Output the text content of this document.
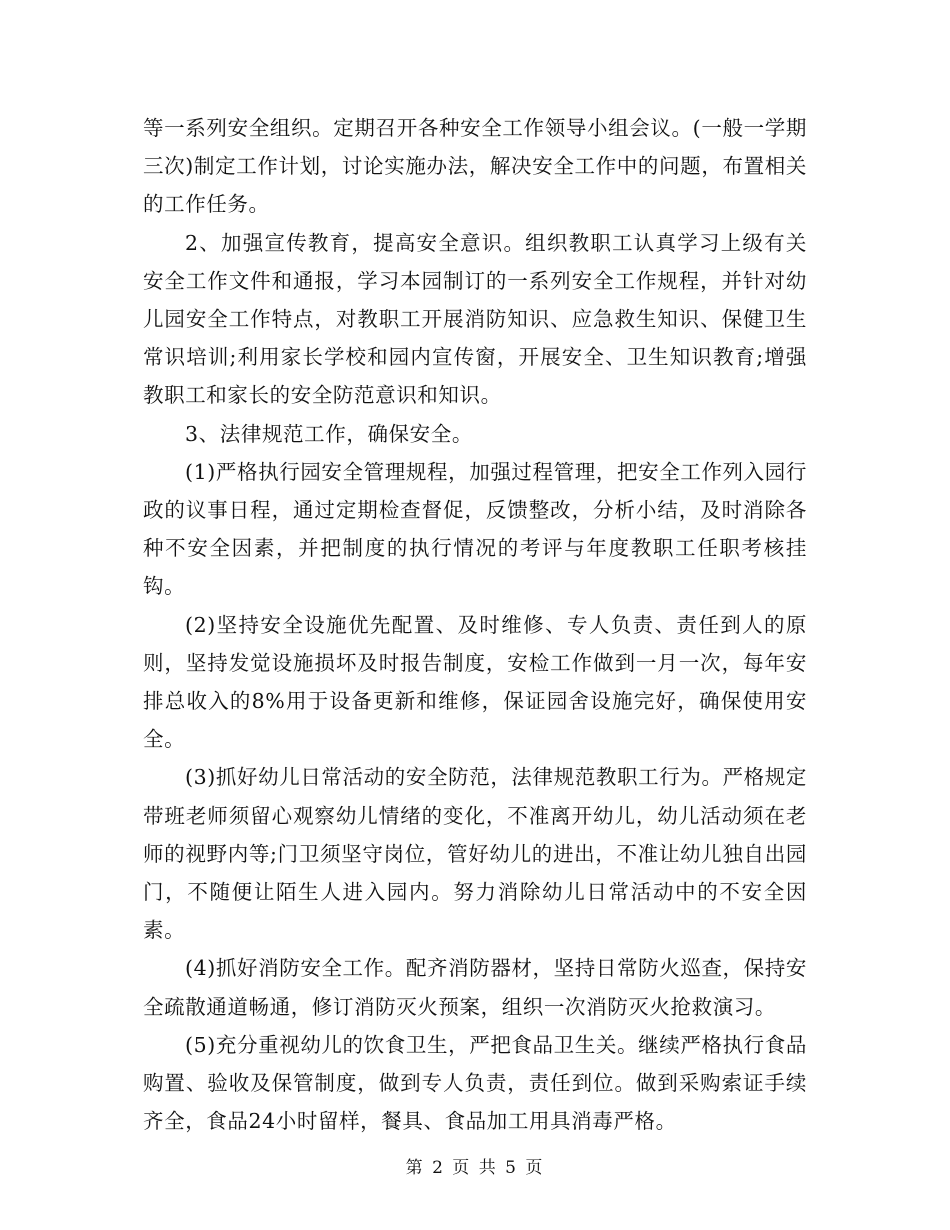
等一系列安全组织。定期召开各种安全工作领导小组会议。(一般一学期三次)制定工作计划，讨论实施办法，解决安全工作中的问题，布置相关的工作任务。

2、加强宣传教育，提高安全意识。组织教职工认真学习上级有关安全工作文件和通报，学习本园制订的一系列安全工作规程，并针对幼儿园安全工作特点，对教职工开展消防知识、应急救生知识、保健卫生常识培训;利用家长学校和园内宣传窗，开展安全、卫生知识教育;增强教职工和家长的安全防范意识和知识。

3、法律规范工作，确保安全。

(1)严格执行园安全管理规程，加强过程管理，把安全工作列入园行政的议事日程，通过定期检查督促，反馈整改，分析小结，及时消除各种不安全因素，并把制度的执行情况的考评与年度教职工任职考核挂钩。

(2)坚持安全设施优先配置、及时维修、专人负责、责任到人的原则，坚持发觉设施损坏及时报告制度，安检工作做到一月一次，每年安排总收入的8%用于设备更新和维修，保证园舍设施完好，确保使用安全。

(3)抓好幼儿日常活动的安全防范，法律规范教职工行为。严格规定带班老师须留心观察幼儿情绪的变化，不准离开幼儿，幼儿活动须在老师的视野内等;门卫须坚守岗位，管好幼儿的进出，不准让幼儿独自出园门，不随便让陌生人进入园内。努力消除幼儿日常活动中的不安全因素。

(4)抓好消防安全工作。配齐消防器材，坚持日常防火巡查，保持安全疏散通道畅通，修订消防灭火预案，组织一次消防灭火抢救演习。

(5)充分重视幼儿的饮食卫生，严把食品卫生关。继续严格执行食品购置、验收及保管制度，做到专人负责，责任到位。做到采购索证手续齐全，食品24小时留样，餐具、食品加工用具消毒严格。

第 2 页 共 5 页
